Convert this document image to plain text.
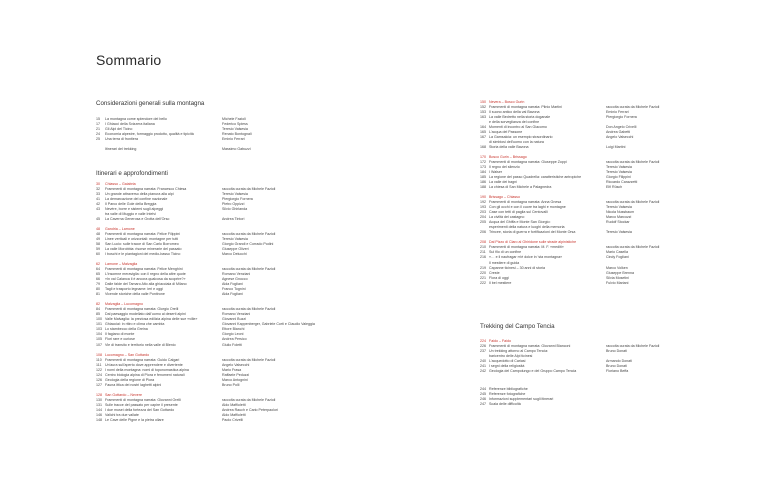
Sommario
Considerazioni generali sulla montagna
15	La montagna come splendore del bello	Michele Fazioli
17	I Ghiacci della Svizzera italiana	Federico Spiess
21	Gli Alpi del Ticino	Teresio Valsesia
24	Economia alpestre, formaggio prodotto, qualità e tipicità	Renato Bontognali
25	Una terra di frontiera	Eminio Ferrari
Itinerari del trekking	Massimo Gabuzzi
Itinerari e approfondimenti
30	Chiasso – Gaiabria
32	Frammenti di montagna narrata: Francesco Chiesa	raccolta curata da Michele Fazioli
33	Un grande attraverso della pianura alla alpi	Teresio Valsesia
41	La demarcazione del confine nazionale	Piergiorgio Fornera
42	Il Parco delle Gole della Breggia	Pietro Oppizzi
43	Nevère, borre e sistemi sugli alpeggi	Silvio Ghirlanda
tra valle di Muggio e valle Intelvi
45	La Caverna Generosa e Grotta dell'Orso	Andrea Tintori
48	Gandria – Lamone
48	Frammenti di montagna narrata: Felice Filippini	raccolta curata da Michele Fazioli
49	Linee verticali e orizzontali: montagne per tutti	Teresio Valsesia
58	San Lucio: sulle tracce di San Carlo Borromeo	Giorgio Grandi e Corrado Podini
59	La valle Morobbia: risorse minerarie del passato	Giuseppe Oliveri
60	I boschi e le piantagioni del medio-basso Ticino	Marco Delucchi
62	Lamone – Malvaglia
64	Frammenti di montagna narrata: Felice Menghini	raccolta curata da Michele Fazioli
65	L'insomne meraviglia: con il regno della altre quote	Romano Venziani
66	«In val Calanca il è ancora qualcosa da scoprire?»	Agnese Gnocco
79	Dalle falde del Tamaro Alto alla ghiacciaia di Milano	Aida Fogliani
80	Tagli e trasporto legname: ieri e oggi	Franco Tognini
81	Vicende storiche della valle Pontirone	Aida Fogliani
82	Malvaglia – Lucomagno
84	Frammenti di montagna narrata: Giorgio Orelli	raccolta curata da Michele Fazioli
85	Dal paesaggio modellato dall'uomo ai deserti alpini	Romano Venziani
100 Valle Malvaglia: la preziosa edilizia alpina delle sue «ville»	Giovanni Buzzi
101 Ghiacciai: in ritiro e clima che cambia	Giovanni Kappenberger, Gabriele Corti e Claudio Valeggia
103 Lo stambecco della Greina	Ettore Bianchi
104 Il fagiano di monte	Giorgio Leoni
105 Flori rare e curiose	Andrea Persico
107 Vie di transito e territorio nella valle di Blenio	Giulio Foletti
108 Lucomagno – San Gottardo
110 Frammenti di montagna narrata: Guido Calgari	raccolta curata da Michele Fazioli
111 Un'aura sull'aperto dove apprendere e divertente	Angelo Valsecchi
122 I nomi della montagna: nomi di toponomastica alpina	Mario Frasa
124 Centro biologia alpina di Piora e fenomeni naturali	Raffaele Peduzzi
126 Geologia della regione di Piora	Marco Antognini
127 Fauna ittica dei nostri laghetti alpini	Bruno Polli
128 San Gottardo – Nevere
130 Frammenti di montagna narrata: Giovanni Orelli	raccolta curata da Michele Fazioli
131 Sulle tracce del passato per capire il presente	Aldo Maffioletti
144 I due musei della fortezza del San Gottardo	Andrea Rauch e Cario Peterpaolori
146 Valichi tra due vallate	Aldo Maffioletti
148 Le Cave delle Pigne e la pietra ollare	Paolo Crivelli
150 Nevera – Bosco Gurin
152 Frammenti di montagna narrata: Plinio Martini	raccolta curata da Michele Fazioli
153 Il suono antico della val Bavona	Eminio Ferrari
163 La valle Bedretto nella storia doganale	Piergiorgio Fornera
e della sorveglianza del confine
164 Momenti di incontro al San Giacomo	Don Angelo Crivelli
165 L'acqua del Passone	Andrea Gabetti
167 La Gamsalcia: un esempio straordinario	Angelo Valsecchi
di simbiosi dell'uomo con la natura
168 Storia della valle Bavona	Luigi Martini
170 Bosco Gurin – Brissago
172 Frammenti di montagna narrata: Giuseppe Zoppi	raccolta curata da Michele Fazioli
173 Il regno del silenzio	Teresio Valsesia
184 I Walser	Teresio Valsesia
185 La regione del passo Quadrella: caratteristiche antropiche	Giorgio Filippini
186 La valle dei bagni	Riccardo Carazzetti
188 La chiesa di San Michele a Palagnedra	Elfi Rüsch
190 Brissago – Chiasso
192 Frammenti di montagna narrata: Anna Gnesa	raccolta curata da Michele Fazioli
193 Con gli occhi e con il cuore tra laghi e montagne	Teresio Valsesia
203 Case con tetti di paglia sul Centovalli	Nicola Nussbaum
204 La civiltà del castagno	Marco Marcozzi
205 Acqua del Ghiffa e Monte San Giorgio:	Rudolf Stockar
esperimenti della natura e luoghi della memoria
206 Trincee, storia di guerra e fortificazioni del Monte Orsa	Teresio Valsesia
208 Dal Pizzo di Claro al Ghiridone sulle strade alpinistiche
210 Frammenti di montagna narrata: M. F. «mediti»	raccolta curata da Michele Fazioli
211 Sul filo di un confine	Mario Casella
216 «… e il naufragar m'è dolce in 'sta montagna»	Cindy Fogliani
Il mestiere di guida
219 Capanne ticinesi – 30 anni di storia	Marco Volken
220 Creste	Giuseppe Brenna
221 Flora di oggi	Silvia Mosetini
222 Il bel mestiere	Fulvio Mariani
Trekking del Campo Tencia
224 Faido – Faido
226 Frammenti di montagna narrata: Giovanni Bianconi	raccolta curata da Michele Fazioli
237 Un trekking attorno al Campo Tencia:	Bruno Donati
baricentro delle Alpi ticinesi
240 L'acquedotto di Cariasi	Armando Donati
241 I segni della religiosità	Bruno Donati
242 Geologia del Campolungo e del Gruppo Campo Tencia	Floriano Beffa
244 Referenze bibliografiche
245 Referenze fotografiche
246 Informazioni supplementari sugli itinerari
247 Scala delle difficoltà
